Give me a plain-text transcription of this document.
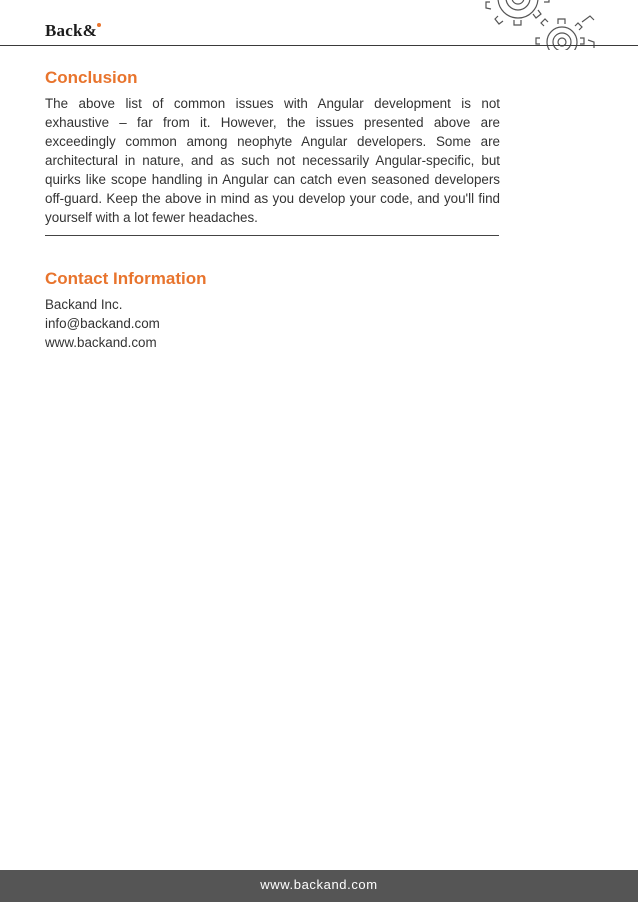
Back&
Conclusion

The above list of common issues with Angular development is not exhaustive – far from it. However, the issues presented above are exceedingly common among neophyte Angular developers. Some are architectural in nature, and as such not necessarily Angular-specific, but quirks like scope handling in Angular can catch even seasoned developers off-guard. Keep the above in mind as you develop your code, and you'll find yourself with a lot fewer headaches.

Contact Information
Backand Inc.
info@backand.com
www.backand.com
www.backand.com
